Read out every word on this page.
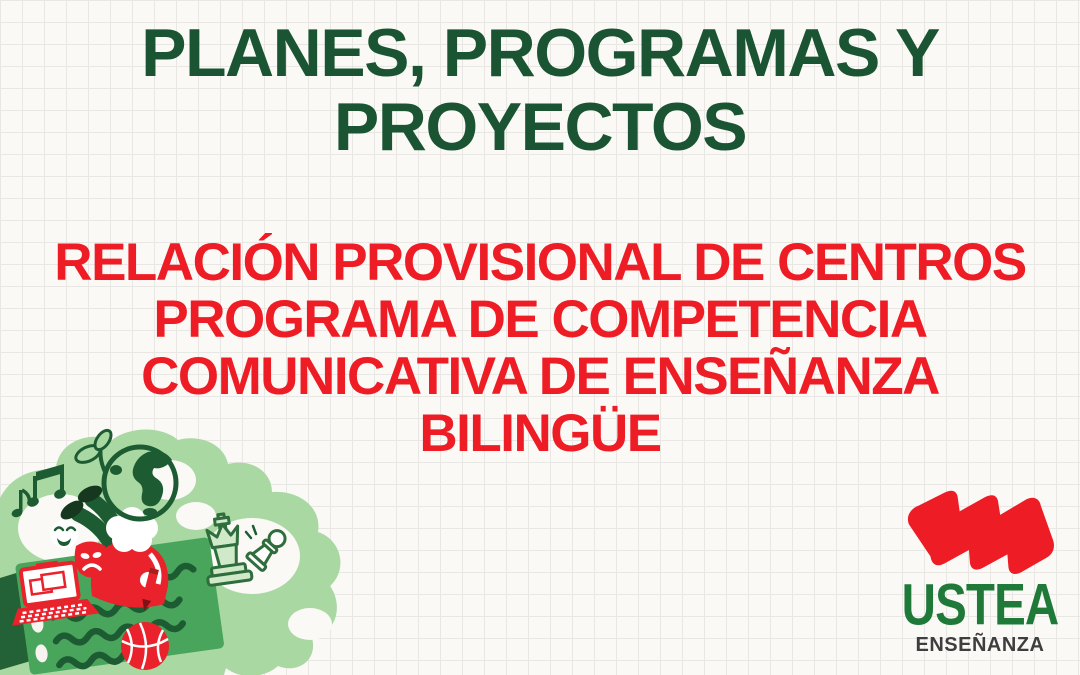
PLANES, PROGRAMAS Y
PROYECTOS
RELACIÓN PROVISIONAL DE CENTROS
PROGRAMA DE COMPETENCIA
COMUNICATIVA DE ENSEÑANZA
BILINGÜE
USTEA
ENSEÑANZA
